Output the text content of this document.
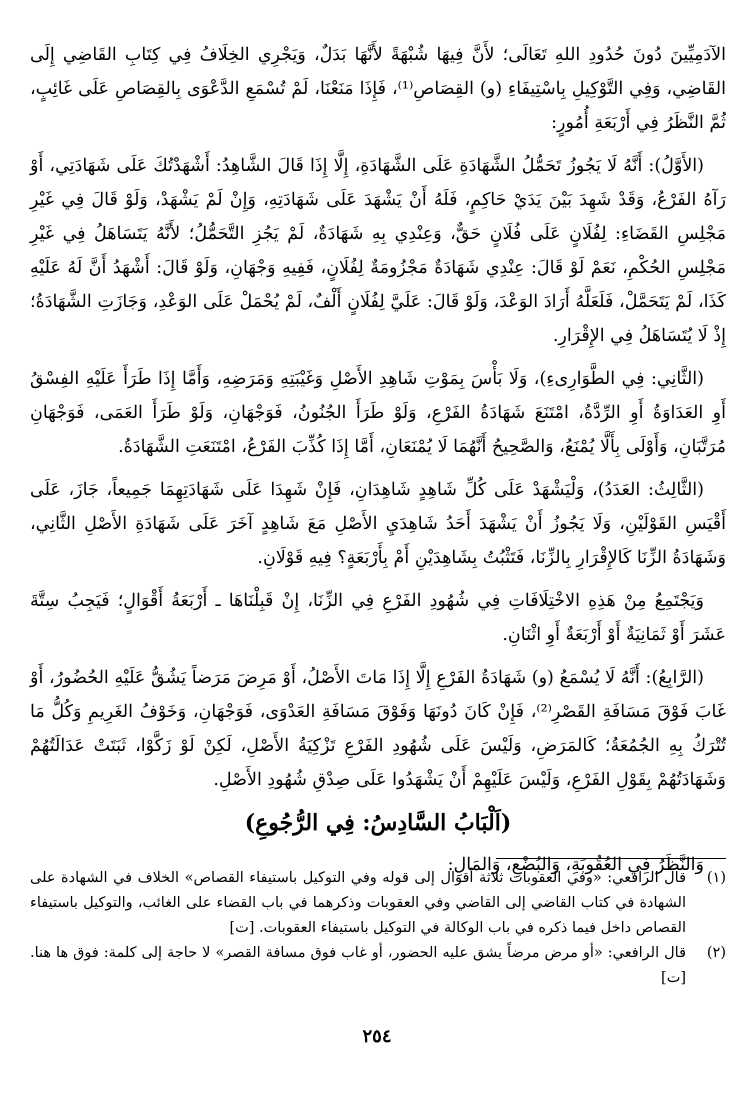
الآدَمِيِّينَ دُونَ حُدُودِ اللهِ تَعَالَى؛ لأَنَّ فِيهَا شُبْهَةً لأَنَّهَا بَدَلٌ، وَيَجْرِي الخِلَافُ فِي كِتَابِ القَاضِي إِلَى القَاضِي، وَفِي التَّوْكِيلِ بِاسْتِيفَاءِ (و) القِصَاصِ⁽¹⁾، فَإِذَا مَنَعْنَا، لَمْ تُسْمَعِ الدَّعْوَى بِالقِصَاصِ عَلَى غَائِبٍ، ثُمَّ النَّظَرُ فِي أَرْبَعَةِ أُمُورٍ:

(الأَوَّلُ): أَنَّهُ لَا يَجُوزُ تَحَمُّلُ الشَّهَادَةِ عَلَى الشَّهَادَةِ، إِلَّا إِذَا قَالَ الشَّاهِدُ: أَشْهَدْتُكَ عَلَى شَهَادَتِي، أَوْ رَآهُ الفَرْعُ، وَقَدْ شَهِدَ بَيْنَ يَدَيْ حَاكِمٍ، فَلَهُ أَنْ يَشْهَدَ عَلَى شَهَادَتِهِ، وَإِنْ لَمْ يَشْهَدْ، وَلَوْ قَالَ فِي غَيْرِ مَجْلِسِ القَضَاءِ: لِفُلَانٍ عَلَى فُلَانٍ حَقٌّ، وَعِنْدِي بِهِ شَهَادَةٌ، لَمْ يَجُزِ التَّحَمُّلُ؛ لأَنَّهُ يَتَسَاهَلُ فِي غَيْرِ مَجْلِسِ الحُكْمِ، نَعَمْ لَوْ قَالَ: عِنْدِي شَهَادَةٌ مَجْزُومَةٌ لِفُلَانٍ، فَفِيهِ وَجْهَانِ، وَلَوْ قَالَ: أَشْهَدُ أَنَّ لَهُ عَلَيْهِ كَذَا، لَمْ يَتَحَمَّلْ، فَلَعَلَّهُ أَرَادَ الوَعْدَ، وَلَوْ قَالَ: عَلَيَّ لِفُلَانٍ أَلْفٌ، لَمْ يُحْمَلْ عَلَى الوَعْدِ، وَجَازَتِ الشَّهَادَةُ؛ إِذْ لَا يُتَسَاهَلُ فِي الإِقْرَارِ.

(الثَّانِي: فِي الطَّوَارِىءِ)، وَلَا بَأْسَ بِمَوْتِ شَاهِدِ الأَصْلِ وَغَيْبَتِهِ وَمَرَضِهِ، وَأَمَّا إِذَا طَرَأَ عَلَيْهِ الفِسْقُ أَوِ العَدَاوَةُ أَوِ الرِّدَّةُ، امْتَنَعَ شَهَادَةُ الفَرْعِ، وَلَوْ طَرَأَ الجُنُونُ، فَوَجْهَانِ، وَلَوْ طَرَأَ العَمَى، فَوَجْهَانِ مُرَتَّبَانِ، وَأَوْلَى بِأَلَّا يُمْنَعُ، وَالصَّحِيحُ أَنَّهُمَا لَا يُمْنَعَانِ، أَمَّا إِذَا كُذِّبَ الفَرْعُ، امْتَنَعَتِ الشَّهَادَةُ.

(الثَّالِثُ: العَدَدُ)، وَلْيَشْهَدْ عَلَى كُلِّ شَاهِدٍ شَاهِدَانِ، فَإِنْ شَهِدَا عَلَى شَهَادَتِهِمَا جَمِيعاً، جَازَ، عَلَى أَقْيَسِ القَوْلَيْنِ، وَلَا يَجُوزُ أَنْ يَشْهَدَ أَحَدُ شَاهِدَيِ الأَصْلِ مَعَ شَاهِدٍ آخَرَ عَلَى شَهَادَةِ الأَصْلِ الثَّانِي، وَشَهَادَةُ الزِّنَا كَالإِقْرَارِ بِالزِّنَا، فَتَثْبُتُ بِشَاهِدَيْنِ أَمْ بِأَرْبَعَةٍ؟ فِيهِ قَوْلَانِ.

وَيَجْتَمِعُ مِنْ هَذِهِ الاخْتِلَافَاتِ فِي شُهُودِ الفَرْعِ فِي الزِّنَا، إِنْ قَبِلْنَاهَا ـ أَرْبَعَةُ أَقْوَالٍ؛ فَيَجِبُ سِتَّةَ عَشَرَ أَوْ ثَمَانِيَةٌ أَوْ أَرْبَعَةٌ أَوِ اثْنَانِ.

(الرَّابِعُ): أَنَّهُ لَا يُسْمَعُ (و) شَهَادَةُ الفَرْعِ إِلَّا إِذَا مَاتَ الأَصْلُ، أَوْ مَرِضَ مَرَضاً يَشُقُّ عَلَيْهِ الحُضُورُ، أَوْ غَابَ فَوْقَ مَسَافَةِ القَصْرِ⁽²⁾، فَإِنْ كَانَ دُونَهَا وَفَوْقَ مَسَافَةِ العَدْوَى، فَوَجْهَانِ، وَخَوْفُ الغَرِيمِ وَكُلُّ مَا تُتْرَكُ بِهِ الجُمُعَةُ؛ كَالمَرَضِ، وَلَيْسَ عَلَى شُهُودِ الفَرْعِ تَزْكِيَةُ الأَصْلِ، لَكِنْ لَوْ زَكَّوْا، ثَبَتَتْ عَدَالَتُهُمْ وَشَهَادَتُهُمْ بِقَوْلِ الفَرْعِ، وَلَيْسَ عَلَيْهِمْ أَنْ يَشْهَدُوا عَلَى صِدْقِ شُهُودِ الأَصْلِ.

(اَلْبَابُ السَّادِسُ: فِي الرُّجُوعِ)

وَالنَّظَرُ فِي العُقُوبَةِ، وَالبُضْعِ، وَالمَالِ:

(١)
قال الرافعي: «وفي العقوبات ثلاثة أقوال إلى قوله وفي التوكيل باستيفاء القصاص» الخلاف في الشهادة على الشهادة في كتاب القاضي إلى القاضي وفي العقوبات وذكرهما في باب القضاء على الغائب، والتوكيل باستيفاء القصاص داخل فيما ذكره في باب الوكالة في التوكيل باستيفاء العقوبات. [ت]
(٢)
قال الرافعي: «أو مرض مرضاً يشق عليه الحضور، أو غاب فوق مسافة القصر» لا حاجة إلى كلمة: فوق ها هنا. [ت]
٢٥٤
